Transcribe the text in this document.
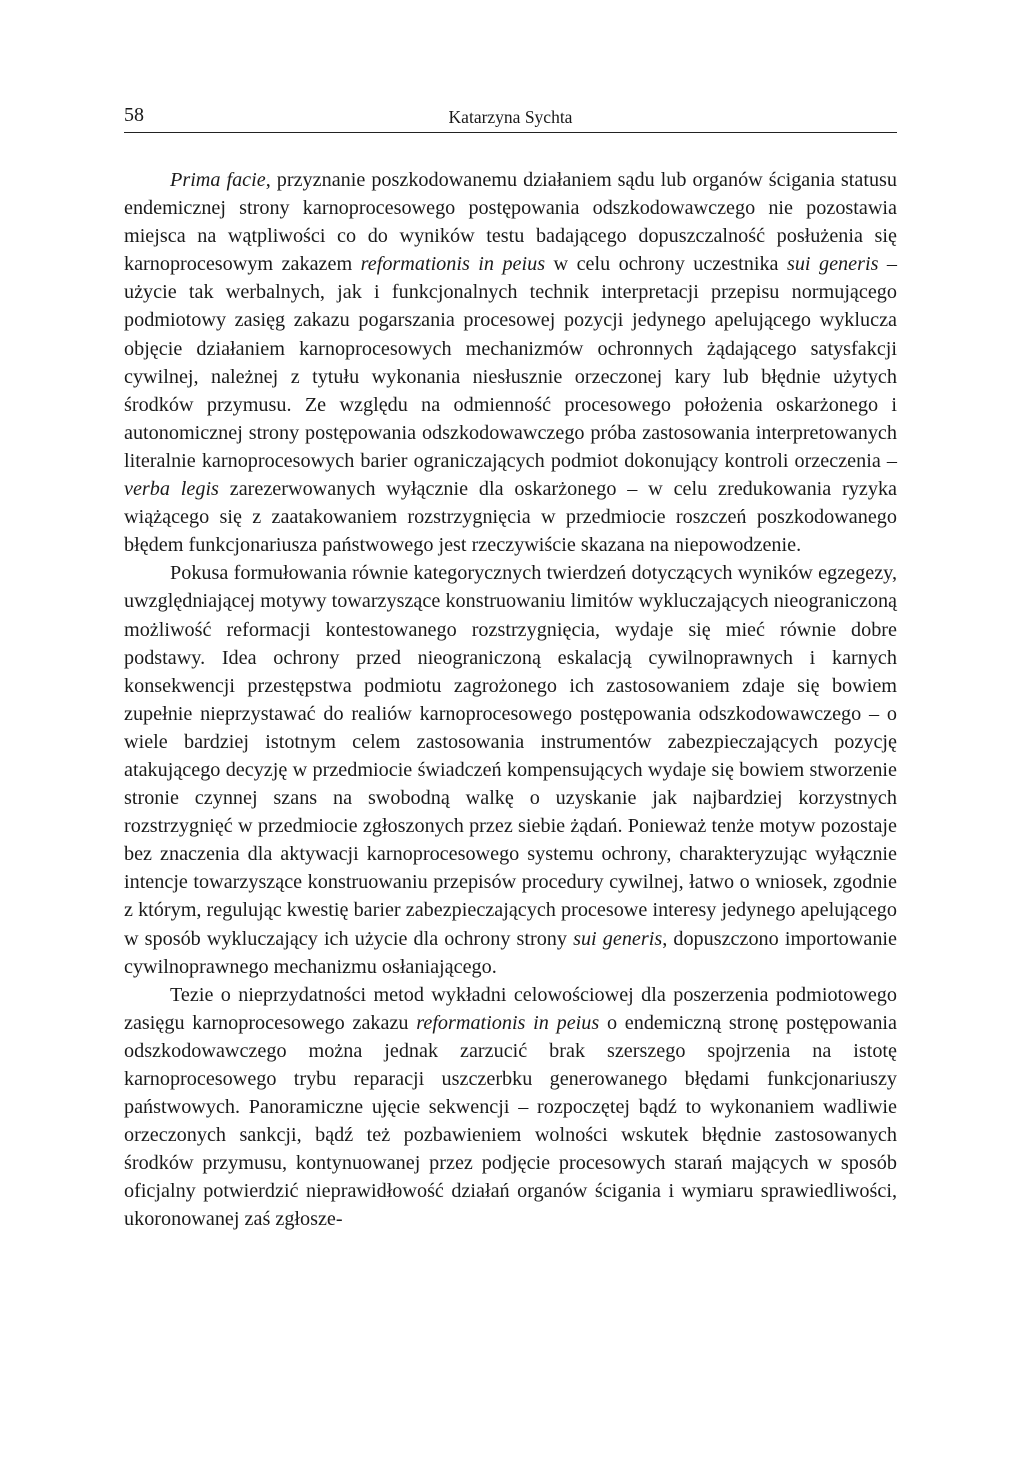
58	Katarzyna Sychta

Prima facie, przyznanie poszkodowanemu działaniem sądu lub organów ścigania statusu endemicznej strony karnoprocesowego postępowania odszkodowawczego nie pozostawia miejsca na wątpliwości co do wyników testu badającego dopuszczalność posłużenia się karnoprocesowym zakazem reformationis in peius w celu ochrony uczestnika sui generis – użycie tak werbalnych, jak i funkcjonalnych technik interpretacji przepisu normującego podmiotowy zasięg zakazu pogarszania procesowej pozycji jedynego apelującego wyklucza objęcie działaniem karnoprocesowych mechanizmów ochronnych żądającego satysfakcji cywilnej, należnej z tytułu wykonania niesłusznie orzeczonej kary lub błędnie użytych środków przymusu. Ze względu na odmienność procesowego położenia oskarżonego i autonomicznej strony postępowania odszkodowawczego próba zastosowania interpretowanych literalnie karnoprocesowych barier ograniczających podmiot dokonujący kontroli orzeczenia – verba legis zarezerwowanych wyłącznie dla oskarżonego – w celu zredukowania ryzyka wiążącego się z zaatakowaniem rozstrzygnięcia w przedmiocie roszczeń poszkodowanego błędem funkcjonariusza państwowego jest rzeczywiście skazana na niepowodzenie.

Pokusa formułowania równie kategorycznych twierdzeń dotyczących wyników egzegezy, uwzględniającej motywy towarzyszące konstruowaniu limitów wykluczających nieograniczoną możliwość reformacji kontestowanego rozstrzygnięcia, wydaje się mieć równie dobre podstawy. Idea ochrony przed nieograniczoną eskalacją cywilnoprawnych i karnych konsekwencji przestępstwa podmiotu zagrożonego ich zastosowaniem zdaje się bowiem zupełnie nieprzystawać do realiów karnoprocesowego postępowania odszkodowawczego – o wiele bardziej istotnym celem zastosowania instrumentów zabezpieczających pozycję atakującego decyzję w przedmiocie świadczeń kompensujących wydaje się bowiem stworzenie stronie czynnej szans na swobodną walkę o uzyskanie jak najbardziej korzystnych rozstrzygnięć w przedmiocie zgłoszonych przez siebie żądań. Ponieważ tenże motyw pozostaje bez znaczenia dla aktywacji karnoprocesowego systemu ochrony, charakteryzując wyłącznie intencje towarzyszące konstruowaniu przepisów procedury cywilnej, łatwo o wniosek, zgodnie z którym, regulując kwestię barier zabezpieczających procesowe interesy jedynego apelującego w sposób wykluczający ich użycie dla ochrony strony sui generis, dopuszczono importowanie cywilnoprawnego mechanizmu osłaniającego.

Tezie o nieprzydatności metod wykładni celowościowej dla poszerzenia podmiotowego zasięgu karnoprocesowego zakazu reformationis in peius o endemiczną stronę postępowania odszkodowawczego można jednak zarzucić brak szerszego spojrzenia na istotę karnoprocesowego trybu reparacji uszczerbku generowanego błędami funkcjonariuszy państwowych. Panoramiczne ujęcie sekwencji – rozpoczętej bądź to wykonaniem wadliwie orzeczonych sankcji, bądź też pozbawieniem wolności wskutek błędnie zastosowanych środków przymusu, kontynuowanej przez podjęcie procesowych starań mających w sposób oficjalny potwierdzić nieprawidłowość działań organów ścigania i wymiaru sprawiedliwości, ukoronowanej zaś zgłosze-
